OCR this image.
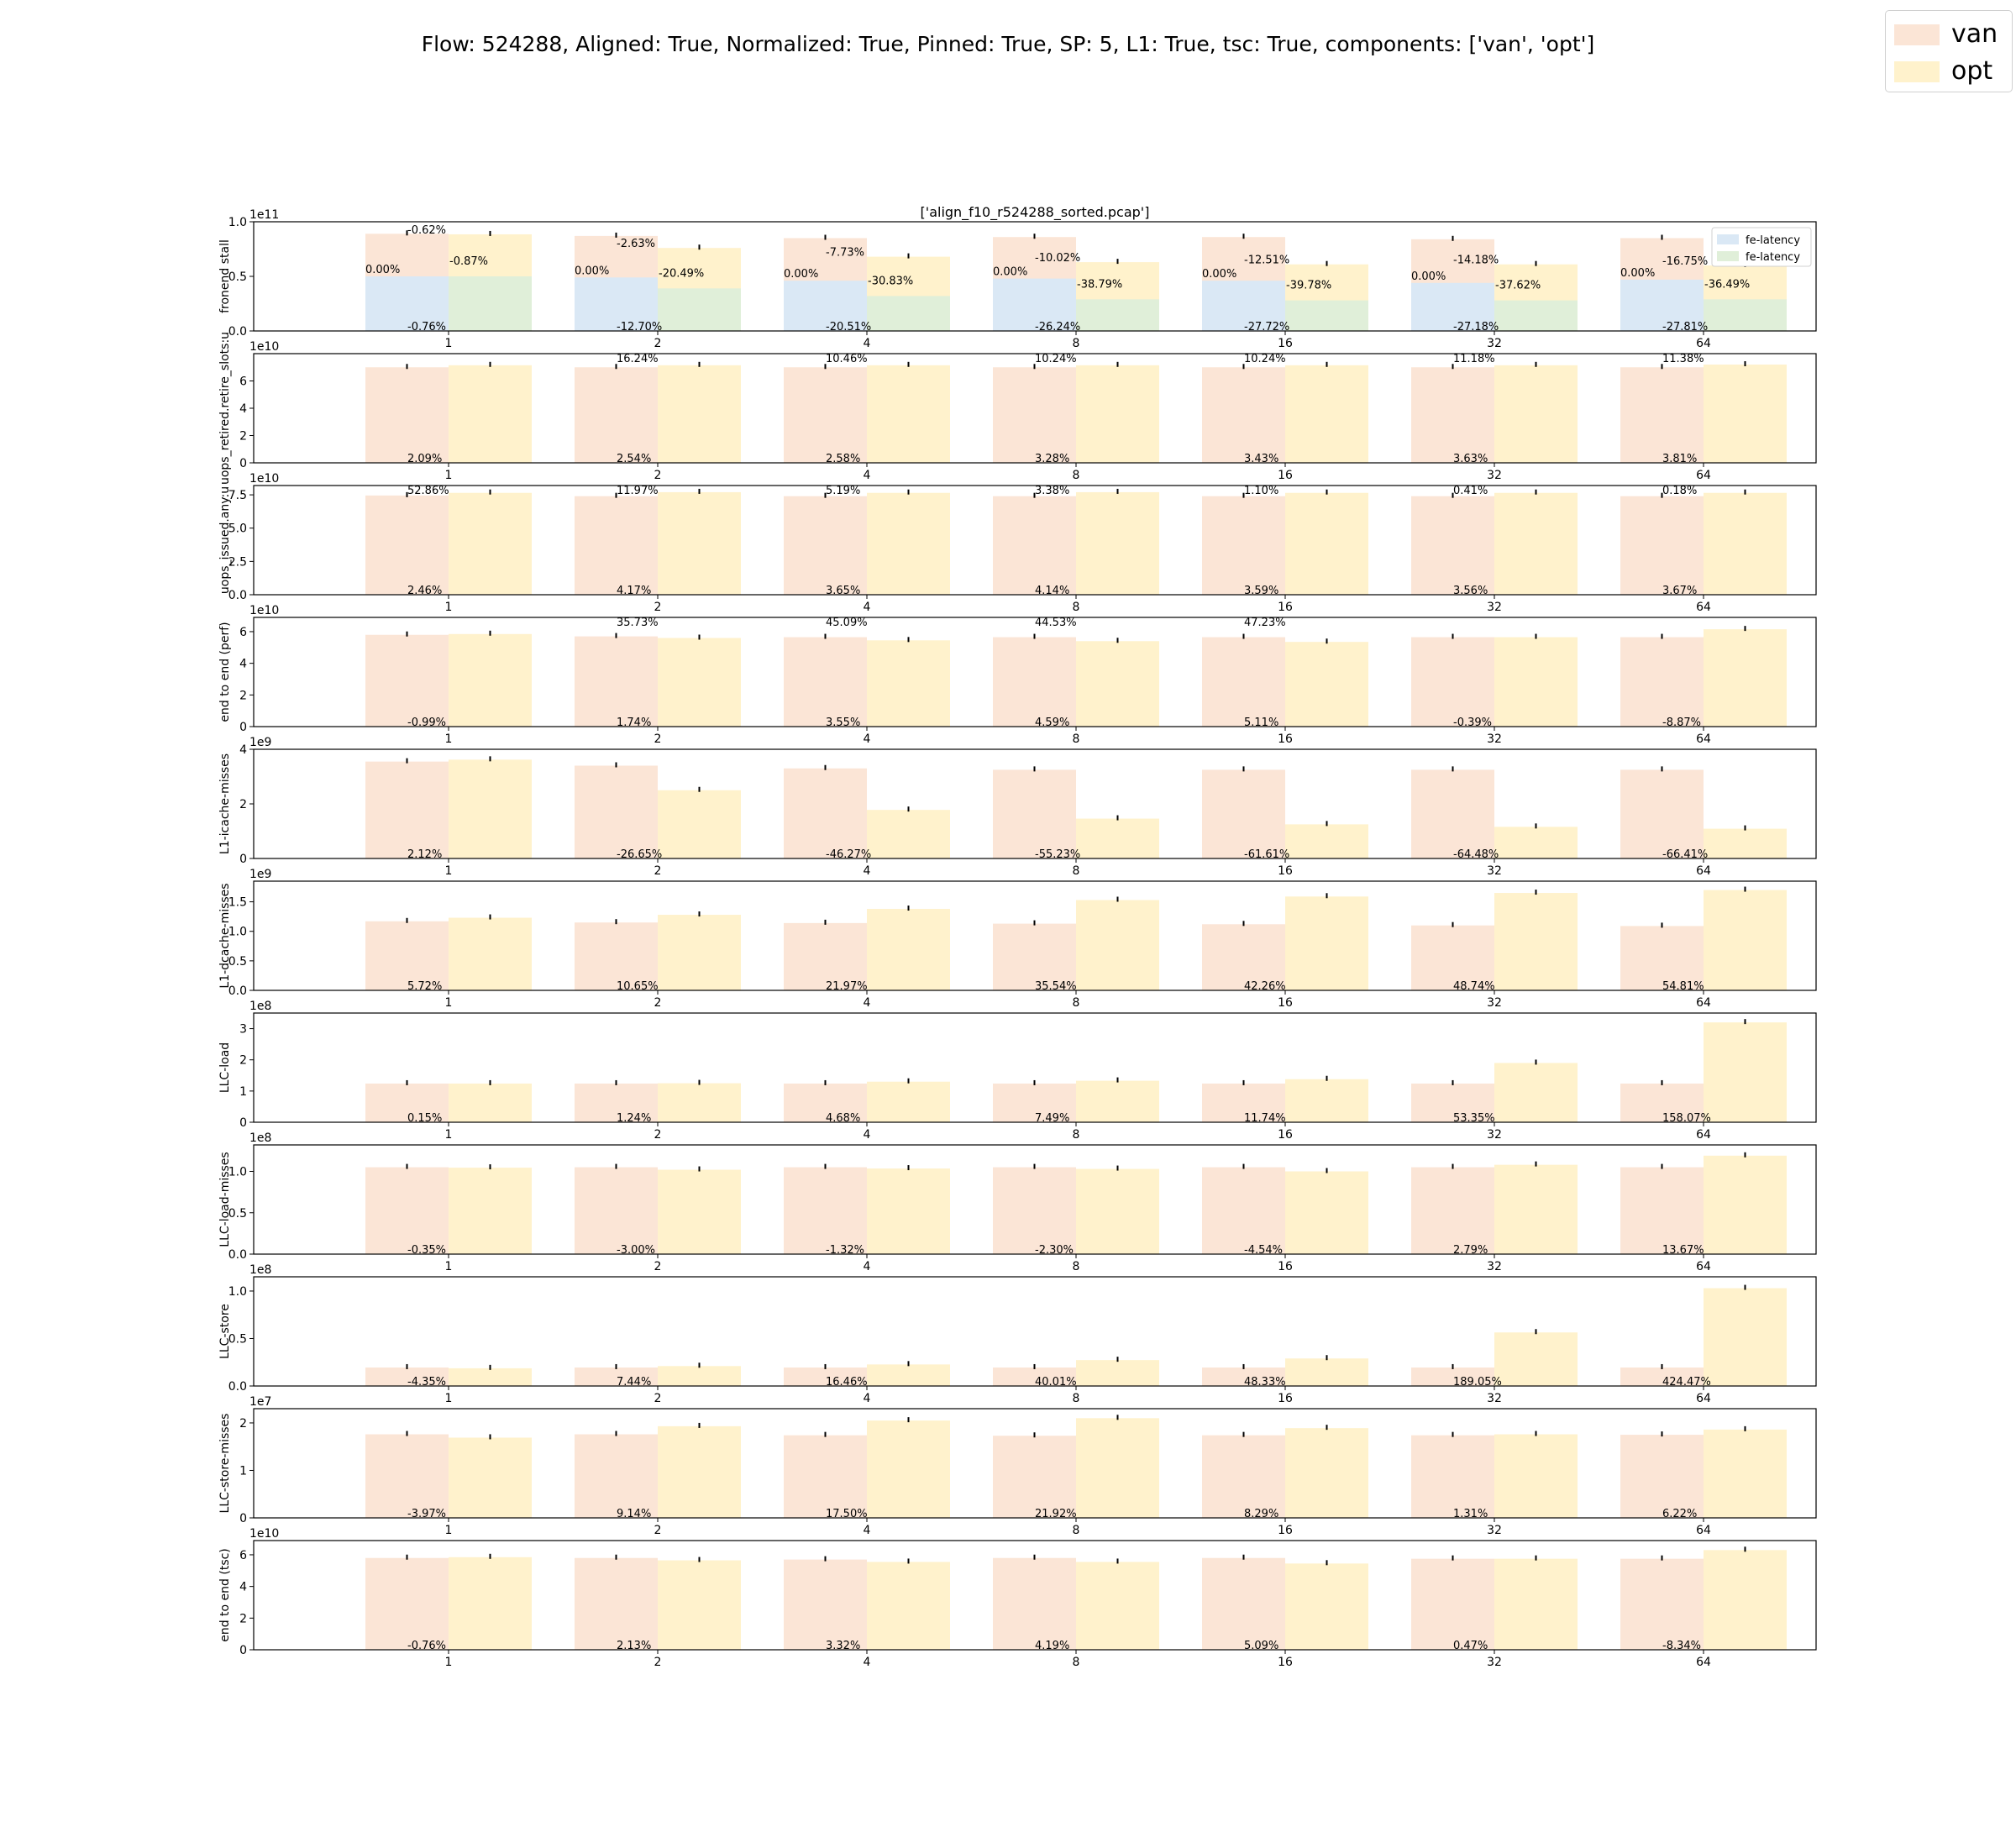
Flow: 524288, Aligned: True, Normalized: True, Pinned: True, SP: 5, L1: True, tsc: True, components: ['van', 'opt']	van
opt
1
-0.76%
-0.62%
0.00%
-0.87%
2
-12.70%
-2.63%
0.00%	-20.49%
4
-20.51%
-7.73%
0.00%
-30.83%
8
-26.24%
-10.02%
0.00%
-38.79%
16
-27.72%
-12.51%
0.00%
-39.78%
32
-27.18%
-14.18%
0.00%
-37.62%
64
-27.81%
-16.75%
0.00%
-36.49%
0.0
0.5
1.0
1e11
fronend stall
['align_f10_r524288_sorted.pcap']
fe-latency
fe-latency
1
2.09%
2
2.54%
16.24%
4
2.58%
10.46%
8
3.28%
10.24%
16
3.43%
10.24%
32
3.63%
11.18%
64
3.81%
11.38%
0
2
4
6
1e10
uops_retired.retire_slots:u
1
2.46%
52.86%
2
4.17%
11.97%
4
3.65%
5.19%
8
4.14%
3.38%
16
3.59%
1.10%
32
3.56%
0.41%
64
3.67%
0.18%
0.0
2.5
5.0
7.5
1e10
uops_issued.any:u
1
-0.99%
2
1.74%
35.73%
4
3.55%
45.09%
8
4.59%
44.53%
16
5.11%
47.23%
32
-0.39%
64
-8.87%
0
2
4
6
1e10
end to end (perf)
1
2.12%
2
-26.65%
4
-46.27%
8
-55.23%
16
-61.61%
32
-64.48%
64
-66.41%
0
2
4
1e9
L1-icache-misses
1
5.72%
2
10.65%
4
21.97%
8
35.54%
16
42.26%
32
48.74%
64
54.81%
0.0
0.5
1.0
1.5
1e9
L1-dcache-misses
1
0.15%
2
1.24%
4
4.68%
8
7.49%
16
11.74%
32
53.35%
64
158.07%
0
1
2
3
1e8
LLC-load
1
-0.35%
2
-3.00%
4
-1.32%
8
-2.30%
16
-4.54%
32
2.79%
64
13.67%
0.0
0.5
1.0
1e8
LLC-load-misses
1
-4.35%
2
7.44%
4
16.46%
8
40.01%
16
48.33%
32
189.05%
64
424.47%
0.0
0.5
1.0
1e8
LLC-store
1
-3.97%
2
9.14%
4
17.50%
8
21.92%
16
8.29%
32
1.31%
64
6.22%
0
1
2
1e7
LLC-store-misses
1
-0.76%
2
2.13%
4
3.32%
8
4.19%
16
5.09%
32
0.47%
64
-8.34%
0
2
4
6
1e10
end to end (tsc)
